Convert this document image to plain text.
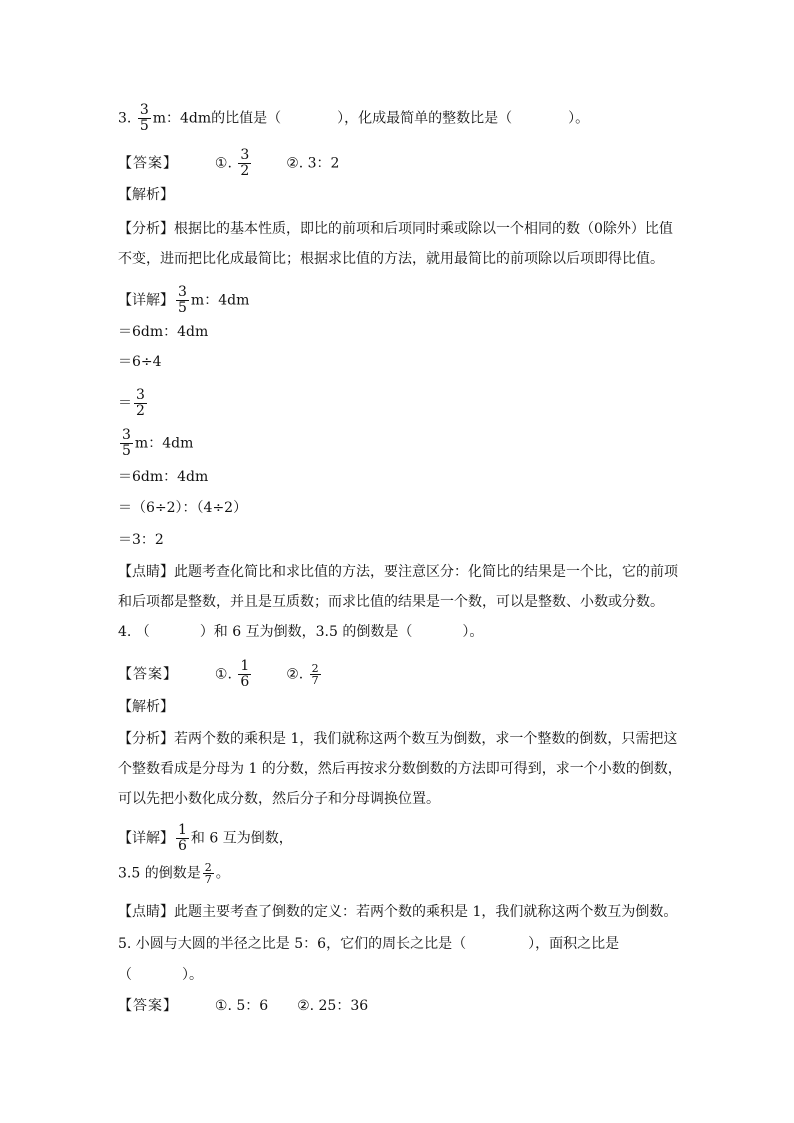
3. $\frac{3}{5}$ m：4dm的比值是（	），化成最简单的整数比是（	）。
【答案】	①. $\frac{3}{2}$ ②. 3：2
【解析】
【分析】根据比的基本性质，即比的前项和后项同时乘或除以一个相同的数（0除外）比值
不变，进而把比化成最简比；根据求比值的方法，就用最简比的前项除以后项即得比值。
【详解】 $\frac{3}{5}$ m：4dm
＝6dm：4dm
＝6÷4
＝ $\frac{3}{2}$
$\frac{3}{5}$ m：4dm
＝6dm：4dm
＝（6÷2）：（4÷2）
＝3：2
【点睛】此题考查化简比和求比值的方法，要注意区分：化简比的结果是一个比，它的前项
和后项都是整数，并且是互质数；而求比值的结果是一个数，可以是整数、小数或分数。
4. （	）和 6 互为倒数，3.5 的倒数是（	）。
【答案】	①. $\frac{1}{6}$ ②. $\frac{2}{7}$
【解析】
【分析】若两个数的乘积是 1，我们就称这两个数互为倒数，求一个整数的倒数，只需把这
个整数看成是分母为 1 的分数，然后再按求分数倒数的方法即可得到，求一个小数的倒数，
可以先把小数化成分数，然后分子和分母调换位置。
【详解】 $\frac{1}{6}$ 和 6 互为倒数，
3.5 的倒数是 $\frac{2}{7}$ 。
【点睛】此题主要考查了倒数的定义：若两个数的乘积是 1，我们就称这两个数互为倒数。
5. 小圆与大圆的半径之比是 5：6，它们的周长之比是（	），面积之比是
（	）。
【答案】	①. 5：6 ②. 25：36
